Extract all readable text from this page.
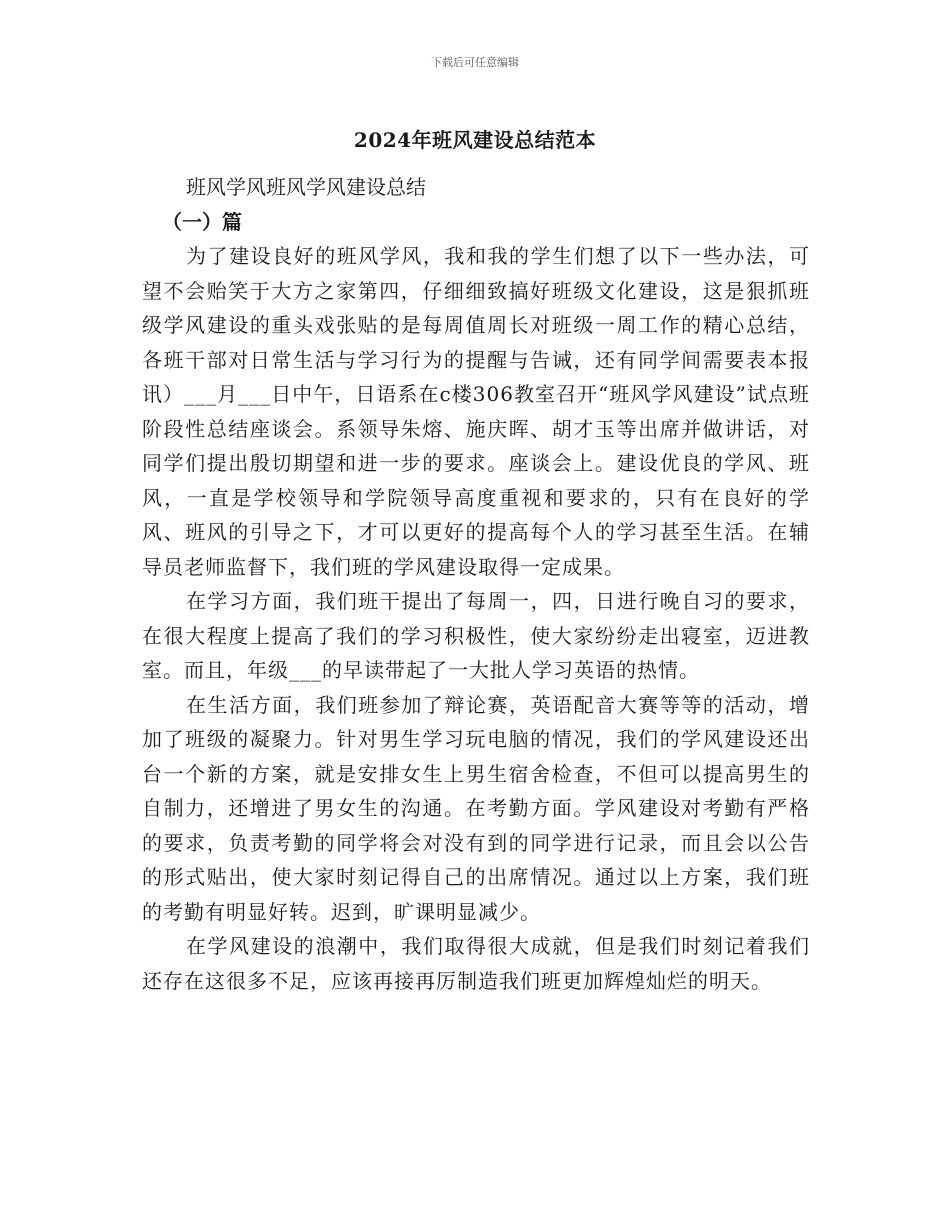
下载后可任意编辑
2024年班风建设总结范本

班风学风班风学风建设总结

（一）篇

为了建设良好的班风学风，我和我的学生们想了以下一些办法，可望不会贻笑于大方之家第四，仔细细致搞好班级文化建设，这是狠抓班级学风建设的重头戏张贴的是每周值周长对班级一周工作的精心总结，各班干部对日常生活与学习行为的提醒与告诫，还有同学间需要表本报讯）___月___日中午，日语系在c楼306教室召开“班风学风建设”试点班阶段性总结座谈会。系领导朱熔、施庆晖、胡才玉等出席并做讲话，对同学们提出殷切期望和进一步的要求。座谈会上。建设优良的学风、班风，一直是学校领导和学院领导高度重视和要求的，只有在良好的学风、班风的引导之下，才可以更好的提高每个人的学习甚至生活。在辅导员老师监督下，我们班的学风建设取得一定成果。

在学习方面，我们班干提出了每周一，四，日进行晚自习的要求，在很大程度上提高了我们的学习积极性，使大家纷纷走出寝室，迈进教室。而且，年级___的早读带起了一大批人学习英语的热情。

在生活方面，我们班参加了辩论赛，英语配音大赛等等的活动，增加了班级的凝聚力。针对男生学习玩电脑的情况，我们的学风建设还出台一个新的方案，就是安排女生上男生宿舍检查，不但可以提高男生的自制力，还增进了男女生的沟通。在考勤方面。学风建设对考勤有严格的要求，负责考勤的同学将会对没有到的同学进行记录，而且会以公告的形式贴出，使大家时刻记得自己的出席情况。通过以上方案，我们班的考勤有明显好转。迟到，旷课明显减少。

在学风建设的浪潮中，我们取得很大成就，但是我们时刻记着我们还存在这很多不足，应该再接再厉制造我们班更加辉煌灿烂的明天。
